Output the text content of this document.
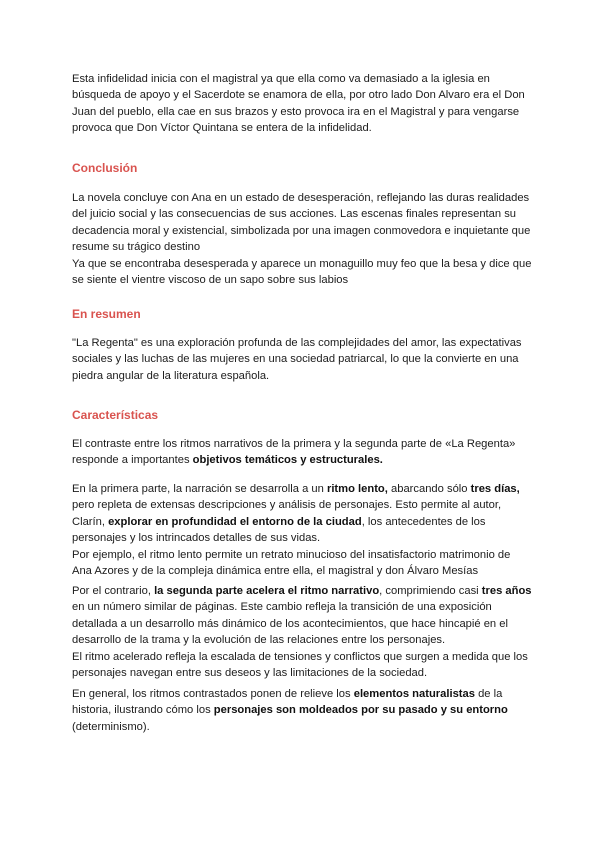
Esta infidelidad inicia con el magistral ya que ella como va demasiado a la iglesia en búsqueda de apoyo y el Sacerdote se enamora de ella, por otro lado Don Alvaro era el Don Juan del pueblo, ella cae en sus brazos y esto provoca ira en el Magistral y para vengarse provoca que Don Víctor Quintana se entera de la infidelidad.

Conclusión

La novela concluye con Ana en un estado de desesperación, reflejando las duras realidades del juicio social y las consecuencias de sus acciones. Las escenas finales representan su decadencia moral y existencial, simbolizada por una imagen conmovedora e inquietante que resume su trágico destino

Ya que se encontraba desesperada y aparece un monaguillo muy feo que la besa y dice que se siente el vientre viscoso de un sapo sobre sus labios

En resumen

"La Regenta" es una exploración profunda de las complejidades del amor, las expectativas sociales y las luchas de las mujeres en una sociedad patriarcal, lo que la convierte en una piedra angular de la literatura española.

Características

El contraste entre los ritmos narrativos de la primera y la segunda parte de «La Regenta» responde a importantes objetivos temáticos y estructurales.

En la primera parte, la narración se desarrolla a un ritmo lento, abarcando sólo tres días, pero repleta de extensas descripciones y análisis de personajes. Esto permite al autor, Clarín, explorar en profundidad el entorno de la ciudad, los antecedentes de los personajes y los intrincados detalles de sus vidas.

Por ejemplo, el ritmo lento permite un retrato minucioso del insatisfactorio matrimonio de Ana Azores y de la compleja dinámica entre ella, el magistral y don Álvaro Mesías

Por el contrario, la segunda parte acelera el ritmo narrativo, comprimiendo casi tres años en un número similar de páginas. Este cambio refleja la transición de una exposición detallada a un desarrollo más dinámico de los acontecimientos, que hace hincapié en el desarrollo de la trama y la evolución de las relaciones entre los personajes.

El ritmo acelerado refleja la escalada de tensiones y conflictos que surgen a medida que los personajes navegan entre sus deseos y las limitaciones de la sociedad.

En general, los ritmos contrastados ponen de relieve los elementos naturalistas de la historia, ilustrando cómo los personajes son moldeados por su pasado y su entorno (determinismo).
